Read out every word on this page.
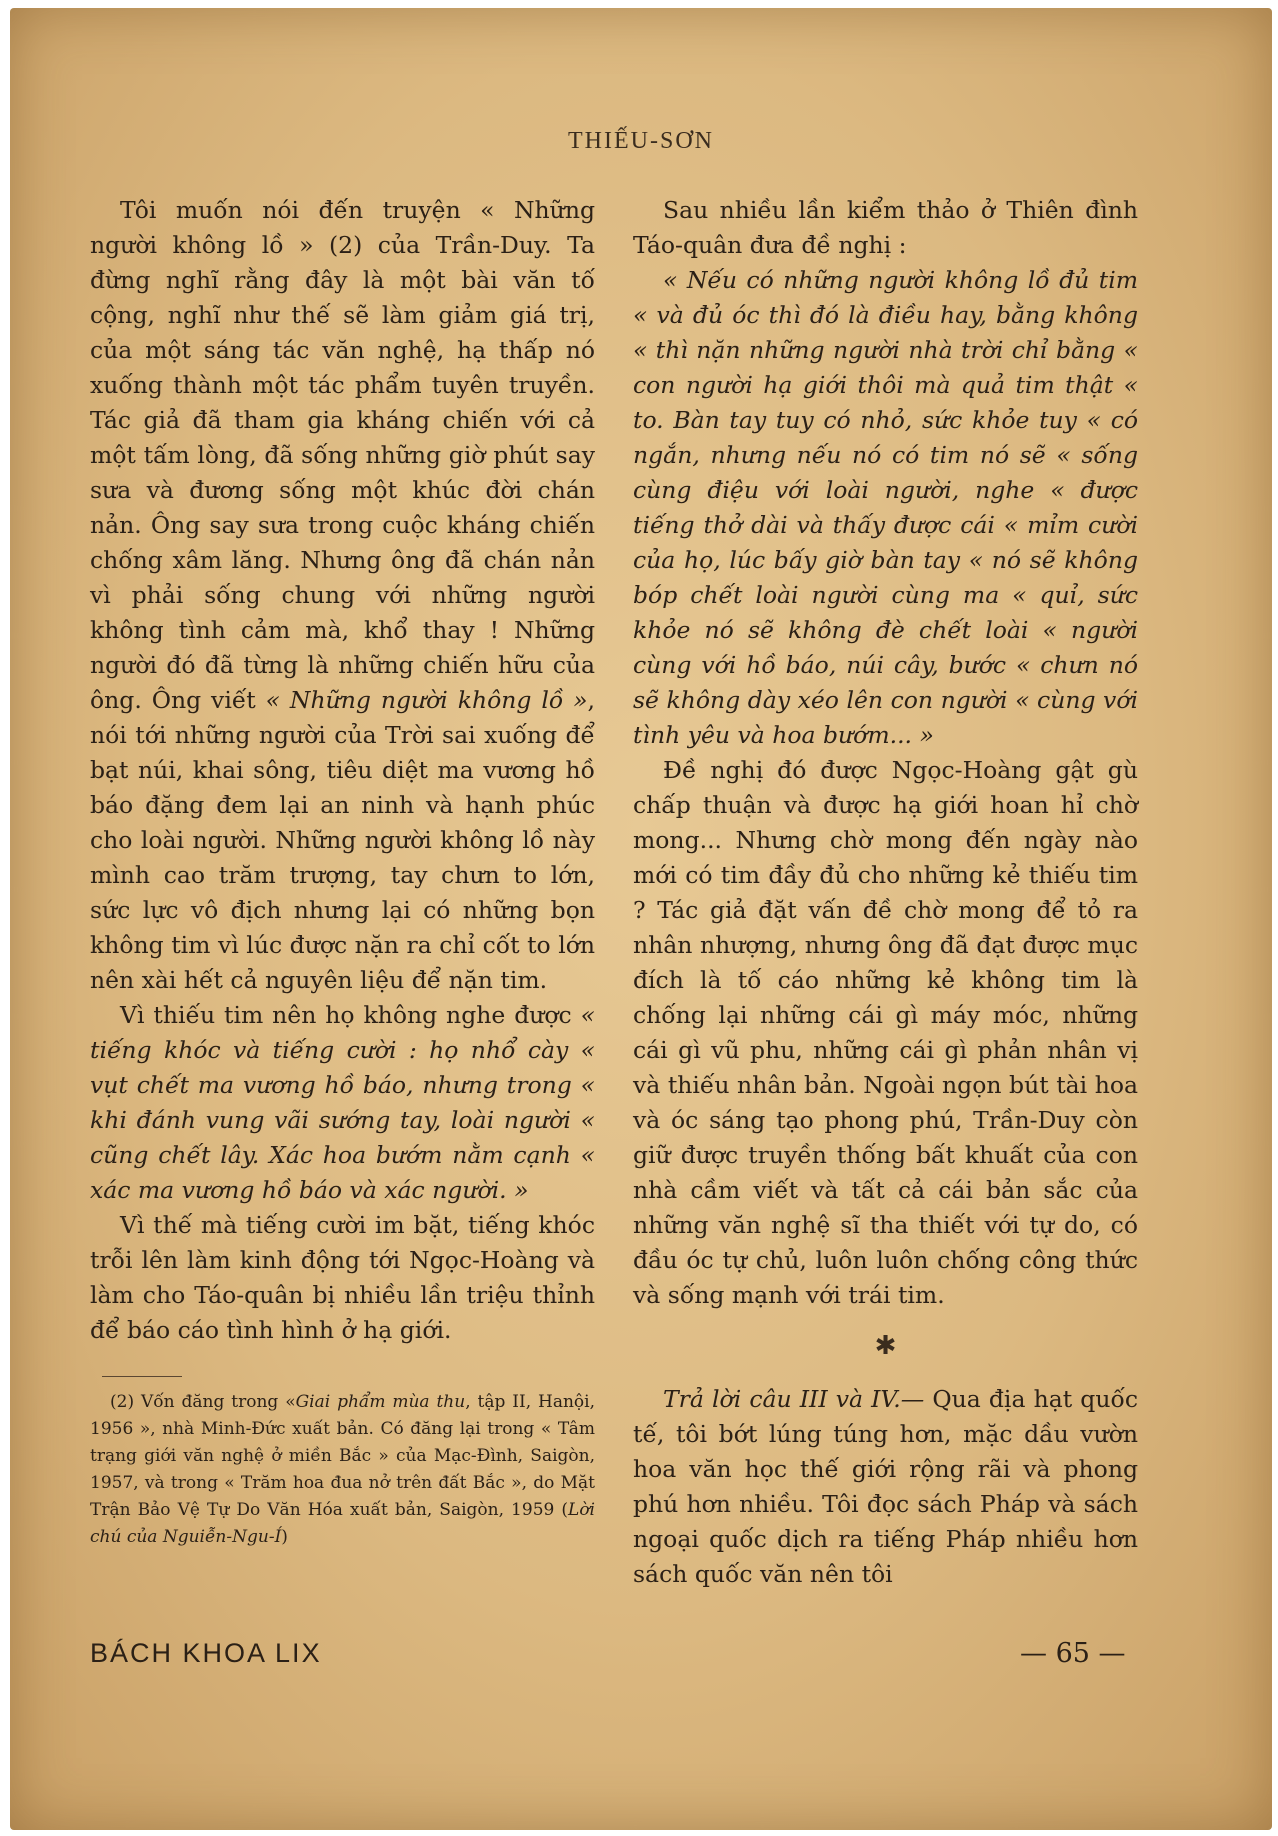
THIẾU-SƠN

Tôi muốn nói đến truyện « Những người không lồ » (2) của Trần-Duy. Ta đừng nghĩ rằng đây là một bài văn tố cộng, nghĩ như thế sẽ làm giảm giá trị, của một sáng tác văn nghệ, hạ thấp nó xuống thành một tác phẩm tuyên truyền. Tác giả đã tham gia kháng chiến với cả một tấm lòng, đã sống những giờ phút say sưa và đương sống một khúc đời chán nản. Ông say sưa trong cuộc kháng chiến chống xâm lăng. Nhưng ông đã chán nản vì phải sống chung với những người không tình cảm mà, khổ thay ! Những người đó đã từng là những chiến hữu của ông. Ông viết « Những người không lồ », nói tới những người của Trời sai xuống để bạt núi, khai sông, tiêu diệt ma vương hồ báo đặng đem lại an ninh và hạnh phúc cho loài người. Những người không lồ này mình cao trăm trượng, tay chưn to lớn, sức lực vô địch nhưng lại có những bọn không tim vì lúc được nặn ra chỉ cốt to lớn nên xài hết cả nguyên liệu để nặn tim.

Vì thiếu tim nên họ không nghe được « tiếng khóc và tiếng cười : họ nhổ cày « vụt chết ma vương hồ báo, nhưng trong « khi đánh vung vãi sướng tay, loài người « cũng chết lây. Xác hoa bướm nằm cạnh « xác ma vương hồ báo và xác người. »

Vì thế mà tiếng cười im bặt, tiếng khóc trỗi lên làm kinh động tới Ngọc-Hoàng và làm cho Táo-quân bị nhiều lần triệu thỉnh để báo cáo tình hình ở hạ giới.

(2) Vốn đăng trong «Giai phẩm mùa thu, tập II, Hanội, 1956 », nhà Minh-Đức xuất bản. Có đăng lại trong « Tâm trạng giới văn nghệ ở miền Bắc » của Mạc-Đình, Saigòn, 1957, và trong « Trăm hoa đua nở trên đất Bắc », do Mặt Trận Bảo Vệ Tự Do Văn Hóa xuất bản, Saigòn, 1959 (Lời chú của Nguiễn-Ngu-Í)

Sau nhiều lần kiểm thảo ở Thiên đình Táo-quân đưa đề nghị :

« Nếu có những người không lồ đủ tim « và đủ óc thì đó là điều hay, bằng không « thì nặn những người nhà trời chỉ bằng « con người hạ giới thôi mà quả tim thật « to. Bàn tay tuy có nhỏ, sức khỏe tuy « có ngắn, nhưng nếu nó có tim nó sẽ « sống cùng điệu với loài người, nghe « được tiếng thở dài và thấy được cái « mỉm cười của họ, lúc bấy giờ bàn tay « nó sẽ không bóp chết loài người cùng ma « quỉ, sức khỏe nó sẽ không đè chết loài « người cùng với hồ báo, núi cây, bước « chưn nó sẽ không dày xéo lên con người « cùng với tình yêu và hoa bướm... »

Đề nghị đó được Ngọc-Hoàng gật gù chấp thuận và được hạ giới hoan hỉ chờ mong... Nhưng chờ mong đến ngày nào mới có tim đầy đủ cho những kẻ thiếu tim ? Tác giả đặt vấn đề chờ mong để tỏ ra nhân nhượng, nhưng ông đã đạt được mục đích là tố cáo những kẻ không tim là chống lại những cái gì máy móc, những cái gì vũ phu, những cái gì phản nhân vị và thiếu nhân bản. Ngoài ngọn bút tài hoa và óc sáng tạo phong phú, Trần-Duy còn giữ được truyền thống bất khuất của con nhà cầm viết và tất cả cái bản sắc của những văn nghệ sĩ tha thiết với tự do, có đầu óc tự chủ, luôn luôn chống công thức và sống mạnh với trái tim.

✱

Trả lời câu III và IV.— Qua địa hạt quốc tế, tôi bớt lúng túng hơn, mặc dầu vườn hoa văn học thế giới rộng rãi và phong phú hơn nhiều. Tôi đọc sách Pháp và sách ngoại quốc dịch ra tiếng Pháp nhiều hơn sách quốc văn nên tôi

BÁCH KHOA LIX	— 65 —
